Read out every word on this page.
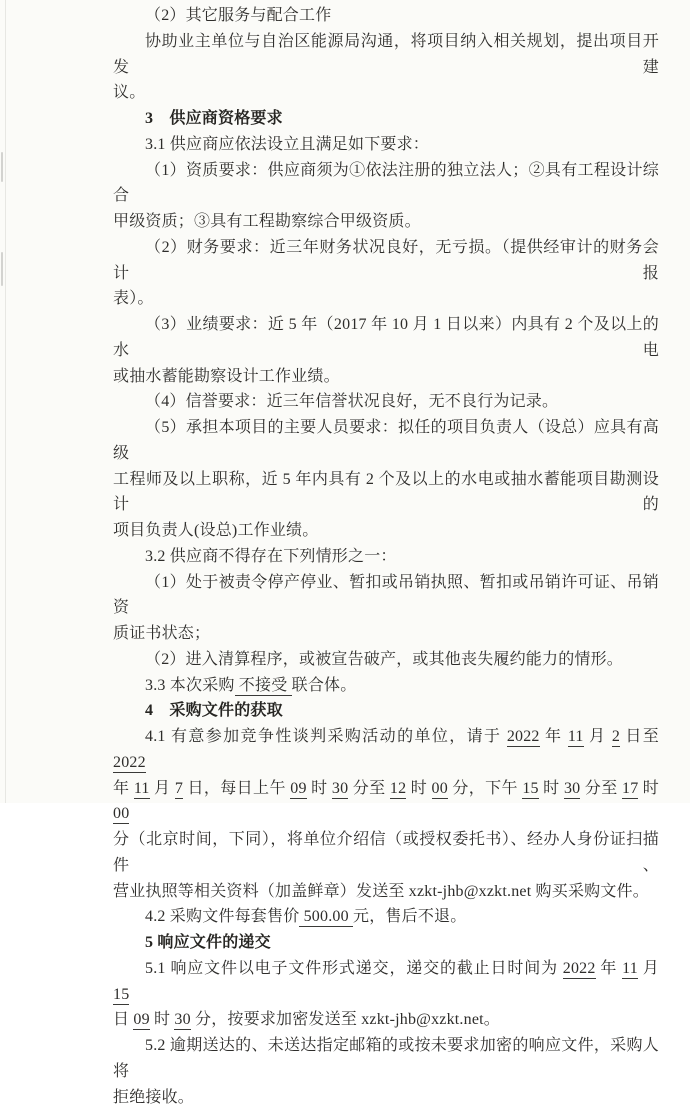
（2）其它服务与配合工作
协助业主单位与自治区能源局沟通，将项目纳入相关规划，提出项目开发建
议。
3　供应商资格要求
3.1 供应商应依法设立且满足如下要求：
（1）资质要求：供应商须为①依法注册的独立法人；②具有工程设计综合
甲级资质；③具有工程勘察综合甲级资质。
（2）财务要求：近三年财务状况良好，无亏损。（提供经审计的财务会计报
表）。
（3）业绩要求：近 5 年（2017 年 10 月 1 日以来）内具有 2 个及以上的水电
或抽水蓄能勘察设计工作业绩。
（4）信誉要求：近三年信誉状况良好，无不良行为记录。
（5）承担本项目的主要人员要求：拟任的项目负责人（设总）应具有高级
工程师及以上职称，近 5 年内具有 2 个及以上的水电或抽水蓄能项目勘测设计的
项目负责人(设总)工作业绩。
3.2 供应商不得存在下列情形之一：
（1）处于被责令停产停业、暂扣或吊销执照、暂扣或吊销许可证、吊销资
质证书状态；
（2）进入清算程序，或被宣告破产，或其他丧失履约能力的情形。
3.3 本次采购 不接受 联合体。
4　采购文件的获取
4.1 有意参加竞争性谈判采购活动的单位，请于 2022 年 11 月 2 日至 2022
年 11 月 7 日，每日上午 09 时 30 分至 12 时 00 分，下午 15 时 30 分至 17 时 00
分（北京时间，下同），将单位介绍信（或授权委托书）、经办人身份证扫描件、
营业执照等相关资料（加盖鲜章）发送至 xzkt-jhb@xzkt.net 购买采购文件。
4.2 采购文件每套售价 500.00 元，售后不退。
5 响应文件的递交
5.1 响应文件以电子文件形式递交，递交的截止日时间为 2022 年 11 月 15
日 09 时 30 分，按要求加密发送至 xzkt-jhb@xzkt.net。
5.2 逾期送达的、未送达指定邮箱的或按未要求加密的响应文件，采购人将
拒绝接收。
